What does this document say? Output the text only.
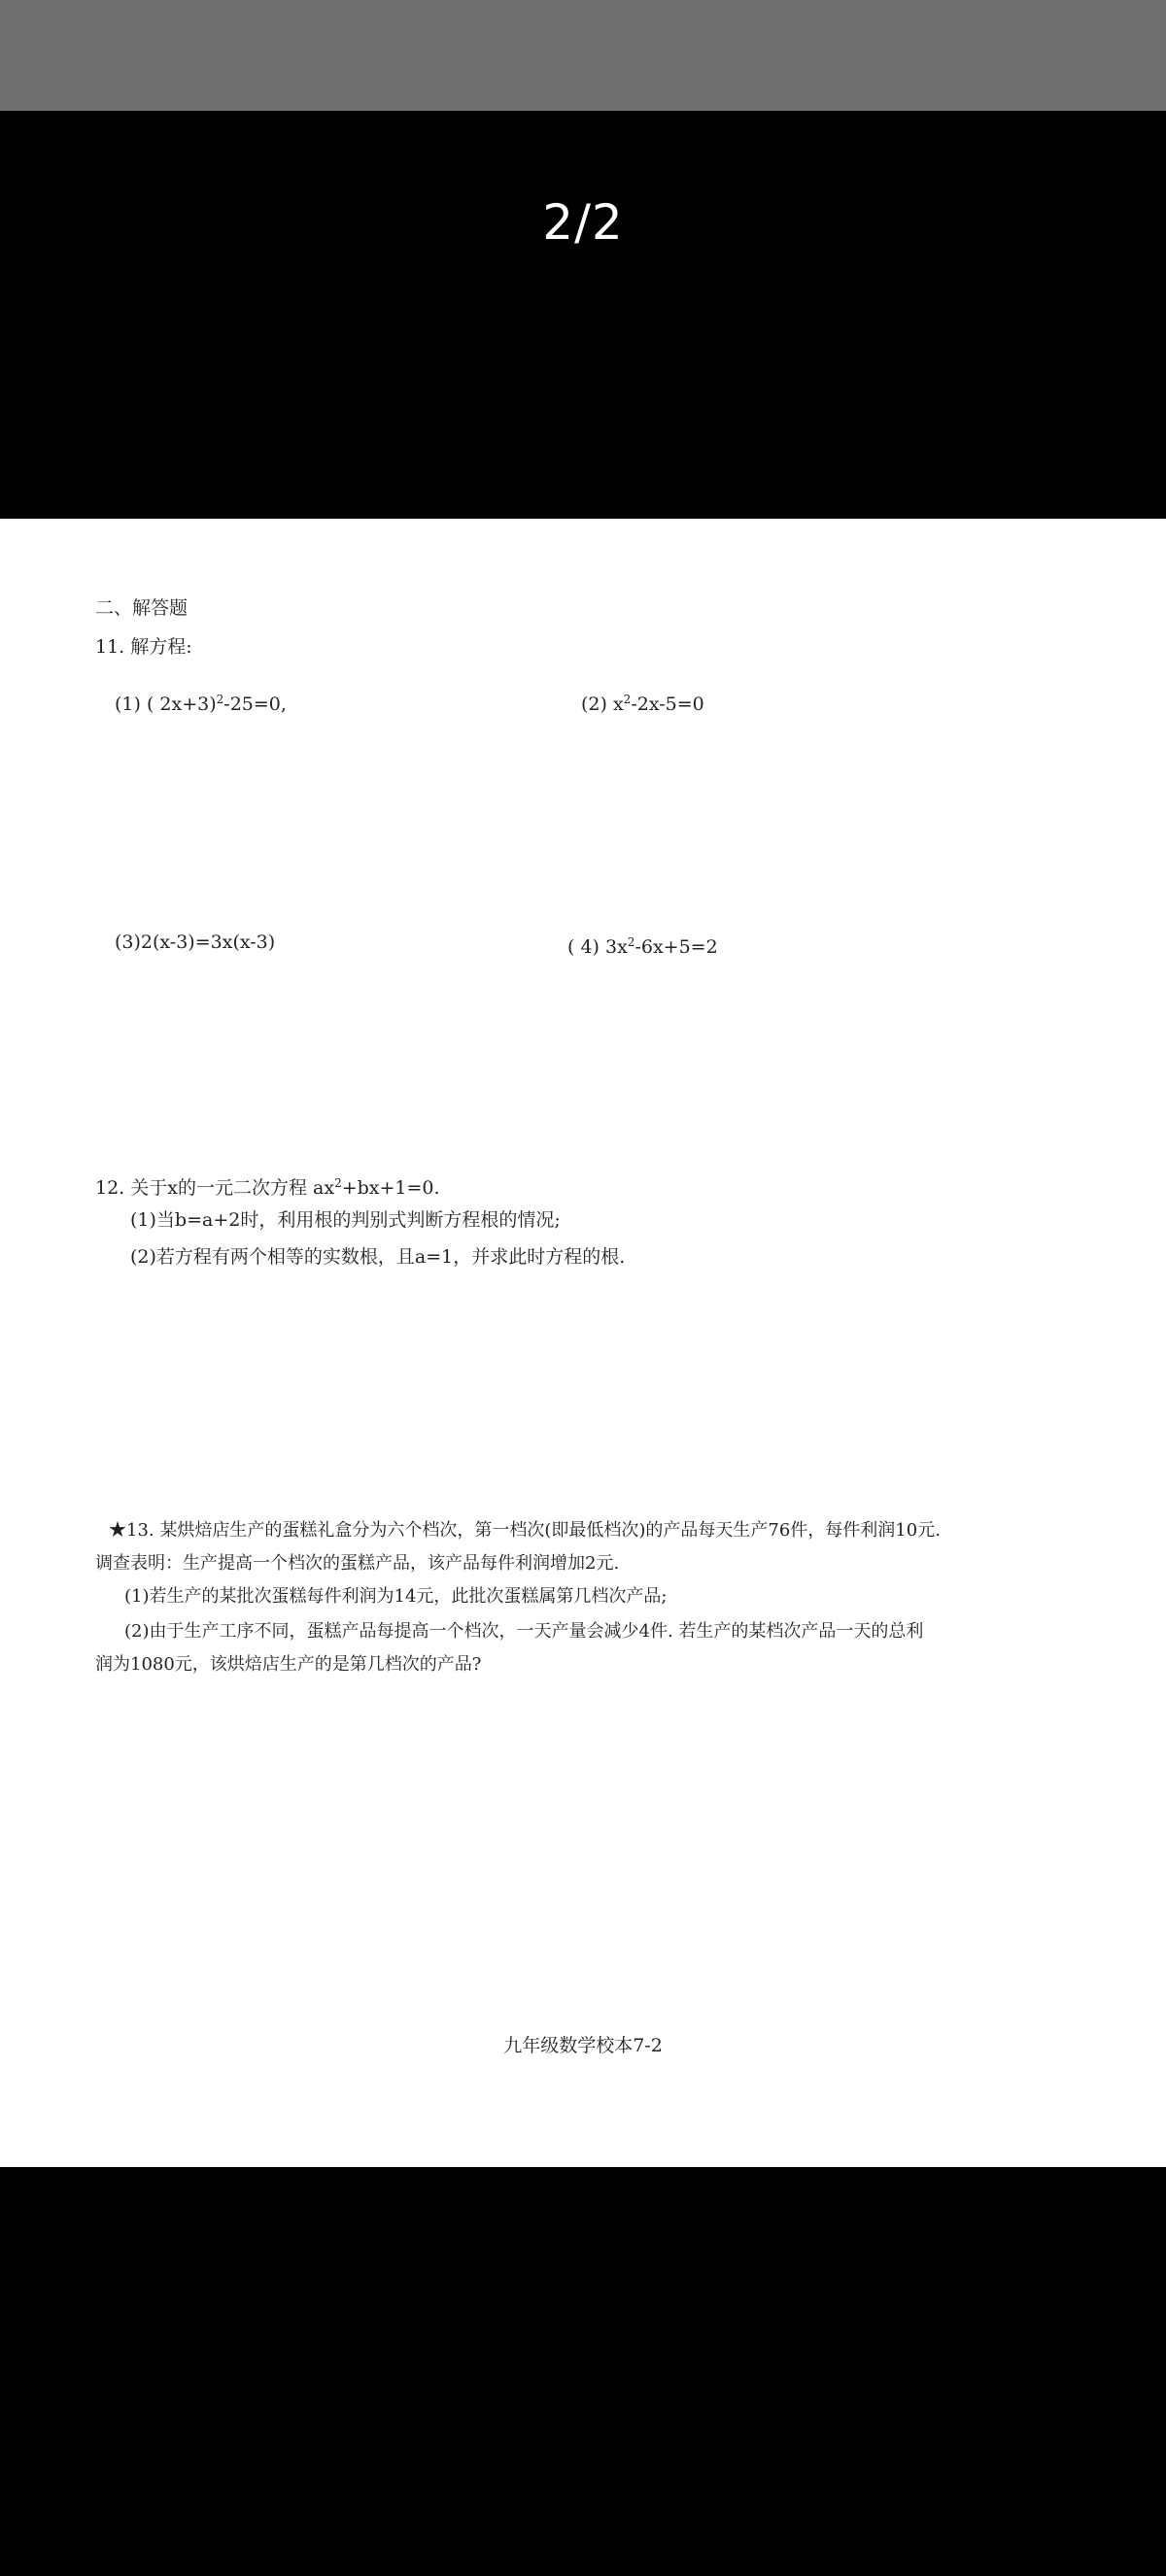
2/2
二、解答题
11. 解方程:
(1) ( 2x+3)$^2$-25=0,	(2) $x^2-2x-5=0$
(3)2(x-3)=3x(x-3)	( 4) $3x^2-6x+5=2$
12. 关于x的一元二次方程 $ax^2+bx+1=0$.
(1)当b=a+2时，利用根的判别式判断方程根的情况;
(2)若方程有两个相等的实数根，且a=1，并求此时方程的根.
★13. 某烘焙店生产的蛋糕礼盒分为六个档次，第一档次(即最低档次)的产品每天生产76件，每件利润10元.
调查表明：生产提高一个档次的蛋糕产品，该产品每件利润增加2元.
(1)若生产的某批次蛋糕每件利润为14元，此批次蛋糕属第几档次产品;
(2)由于生产工序不同，蛋糕产品每提高一个档次，一天产量会减少4件. 若生产的某档次产品一天的总利
润为1080元，该烘焙店生产的是第几档次的产品?
九年级数学校本7-2
